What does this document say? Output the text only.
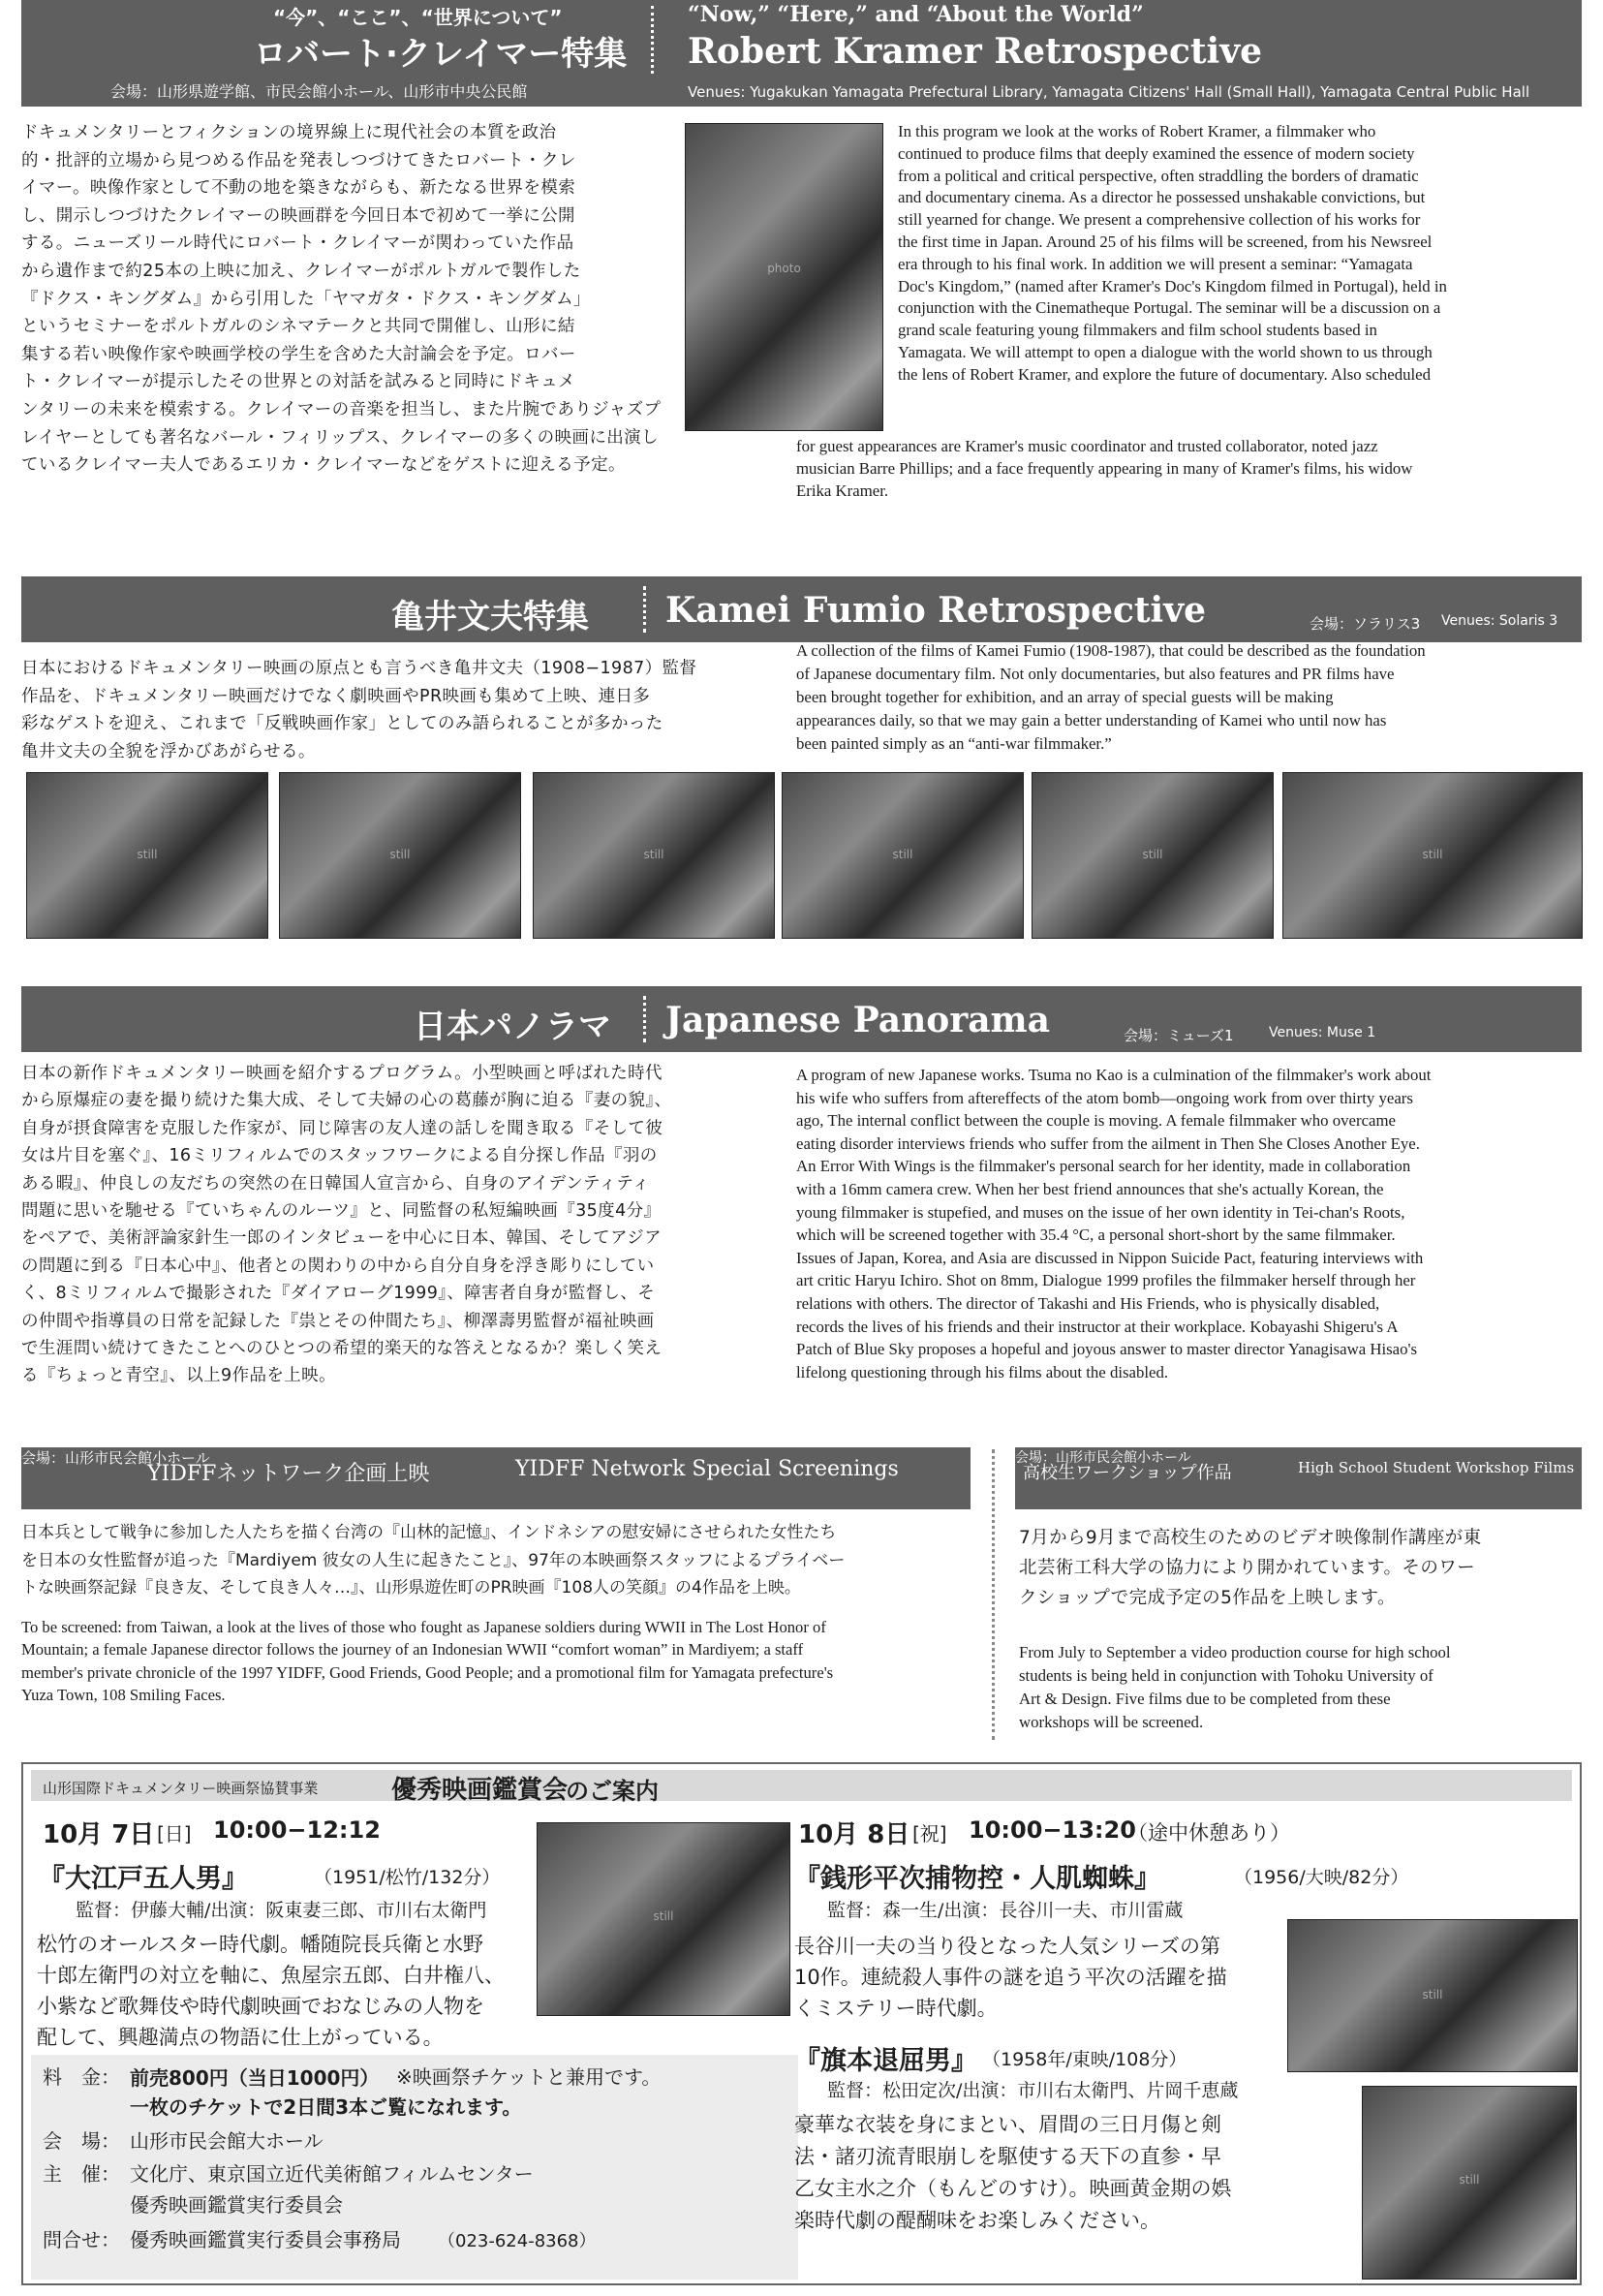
“今”、“ここ”、“世界について”
ロバート·クレイマー特集
“Now,” “Here,” and “About the World”
Robert Kramer Retrospective
会場：山形県遊学館、市民会館小ホール、山形市中央公民館	Venues: Yugakukan Yamagata Prefectural Library, Yamagata Citizens' Hall (Small Hall), Yamagata Central Public Hall
ドキュメンタリーとフィクションの境界線上に現代社会の本質を政治
的・批評的立場から見つめる作品を発表しつづけてきたロバート・クレ
イマー。映像作家として不動の地を築きながらも、新たなる世界を模索
し、開示しつづけたクレイマーの映画群を今回日本で初めて一挙に公開
する。ニューズリール時代にロバート・クレイマーが関わっていた作品
から遺作まで約25本の上映に加え、クレイマーがポルトガルで製作した
『ドクス・キングダム』から引用した「ヤマガタ・ドクス・キングダム」
というセミナーをポルトガルのシネマテークと共同で開催し、山形に結
集する若い映像作家や映画学校の学生を含めた大討論会を予定。ロバー
ト・クレイマーが提示したその世界との対話を試みると同時にドキュメ
ンタリーの未来を模索する。クレイマーの音楽を担当し、また片腕でありジャズプ
レイヤーとしても著名なバール・フィリップス、クレイマーの多くの映画に出演し
ているクレイマー夫人であるエリカ・クレイマーなどをゲストに迎える予定。
photo
In this program we look at the works of Robert Kramer, a filmmaker who
continued to produce films that deeply examined the essence of modern society
from a political and critical perspective, often straddling the borders of dramatic
and documentary cinema. As a director he possessed unshakable convictions, but
still yearned for change. We present a comprehensive collection of his works for
the first time in Japan. Around 25 of his films will be screened, from his Newsreel
era through to his final work. In addition we will present a seminar: “Yamagata
Doc's Kingdom,” (named after Kramer's Doc's Kingdom filmed in Portugal), held in
conjunction with the Cinematheque Portugal. The seminar will be a discussion on a
grand scale featuring young filmmakers and film school students based in
Yamagata. We will attempt to open a dialogue with the world shown to us through
the lens of Robert Kramer, and explore the future of documentary. Also scheduled
for guest appearances are Kramer's music coordinator and trusted collaborator, noted jazz
musician Barre Phillips; and a face frequently appearing in many of Kramer's films, his widow
Erika Kramer.
亀井文夫特集 Kamei Fumio Retrospective	会場：ソラリス3 Venues: Solaris 3
日本におけるドキュメンタリー映画の原点とも言うべき亀井文夫（1908−1987）監督
作品を、ドキュメンタリー映画だけでなく劇映画やPR映画も集めて上映、連日多
彩なゲストを迎え、これまで「反戦映画作家」としてのみ語られることが多かった
亀井文夫の全貌を浮かびあがらせる。
A collection of the films of Kamei Fumio (1908-1987), that could be described as the foundation
of Japanese documentary film. Not only documentaries, but also features and PR films have
been brought together for exhibition, and an array of special guests will be making
appearances daily, so that we may gain a better understanding of Kamei who until now has
been painted simply as an “anti-war filmmaker.”
still	still	still	still	still	still
日本パノラマ Japanese Panorama	会場：ミューズ1	Venues: Muse 1
日本の新作ドキュメンタリー映画を紹介するプログラム。小型映画と呼ばれた時代
から原爆症の妻を撮り続けた集大成、そして夫婦の心の葛藤が胸に迫る『妻の貌』、
自身が摂食障害を克服した作家が、同じ障害の友人達の話しを聞き取る『そして彼
女は片目を塞ぐ』、16ミリフィルムでのスタッフワークによる自分探し作品『羽の
ある暇』、仲良しの友だちの突然の在日韓国人宣言から、自身のアイデンティティ
問題に思いを馳せる『ていちゃんのルーツ』と、同監督の私短編映画『35度4分』
をペアで、美術評論家針生一郎のインタビューを中心に日本、韓国、そしてアジア
の問題に到る『日本心中』、他者との関わりの中から自分自身を浮き彫りにしてい
く、8ミリフィルムで撮影された『ダイアローグ1999』、障害者自身が監督し、そ
の仲間や指導員の日常を記録した『祟とその仲間たち』、柳澤壽男監督が福祉映画
で生涯問い続けてきたことへのひとつの希望的楽天的な答えとなるか？楽しく笑え
る『ちょっと青空』、以上9作品を上映。
A program of new Japanese works. Tsuma no Kao is a culmination of the filmmaker's work about
his wife who suffers from aftereffects of the atom bomb—ongoing work from over thirty years
ago, The internal conflict between the couple is moving. A female filmmaker who overcame
eating disorder interviews friends who suffer from the ailment in Then She Closes Another Eye.
An Error With Wings is the filmmaker's personal search for her identity, made in collaboration
with a 16mm camera crew. When her best friend announces that she's actually Korean, the
young filmmaker is stupefied, and muses on the issue of her own identity in Tei-chan's Roots,
which will be screened together with 35.4 °C, a personal short-short by the same filmmaker.
Issues of Japan, Korea, and Asia are discussed in Nippon Suicide Pact, featuring interviews with
art critic Haryu Ichiro. Shot on 8mm, Dialogue 1999 profiles the filmmaker herself through her
relations with others. The director of Takashi and His Friends, who is physically disabled,
records the lives of his friends and their instructor at their workplace. Kobayashi Shigeru's A
Patch of Blue Sky proposes a hopeful and joyous answer to master director Yanagisawa Hisao's
lifelong questioning through his films about the disabled.
YIDFFネットワーク企画上映
会場：山形市民会館小ホール	YIDFF Network Special Screenings
日本兵として戦争に参加した人たちを描く台湾の『山林的記憶』、インドネシアの慰安婦にさせられた女性たち
を日本の女性監督が追った『Mardiyem 彼女の人生に起きたこと』、97年の本映画祭スタッフによるプライベー
トな映画祭記録『良き友、そして良き人々…』、山形県遊佐町のPR映画『108人の笑顔』の4作品を上映。
To be screened: from Taiwan, a look at the lives of those who fought as Japanese soldiers during WWII in The Lost Honor of
Mountain; a female Japanese director follows the journey of an Indonesian WWII “comfort woman” in Mardiyem; a staff
member's private chronicle of the 1997 YIDFF, Good Friends, Good People; and a promotional film for Yamagata prefecture's
Yuza Town, 108 Smiling Faces.
高校生ワークショップ作品
会場：山形市民会館小ホール
High School Student Workshop Films
7月から9月まで高校生のためのビデオ映像制作講座が東
北芸術工科大学の協力により開かれています。そのワー
クショップで完成予定の5作品を上映します。
From July to September a video production course for high school
students is being held in conjunction with Tohoku University of
Art & Design. Five films due to be completed from these
workshops will be screened.
山形国際ドキュメンタリー映画祭協賛事業	優秀映画鑑賞会
のご案内
10月 7日 [日] 10:00−12:12
『大江戸五人男』	（1951/松竹/132分）
監督：伊藤大輔/出演：阪東妻三郎、市川右太衛門
松竹のオールスター時代劇。幡随院長兵衛と水野
十郎左衛門の対立を軸に、魚屋宗五郎、白井権八、
小紫など歌舞伎や時代劇映画でおなじみの人物を
配して、興趣満点の物語に仕上がっている。
still
料　金： 前売800円（当日1000円） ※映画祭チケットと兼用です。
一枚のチケットで2日間3本ご覧になれます。
会　場： 山形市民会館大ホール
主　催： 文化庁、東京国立近代美術館フィルムセンター
優秀映画鑑賞実行委員会
問合せ： 優秀映画鑑賞実行委員会事務局 （023-624-8368）
10月 8日 [祝] 10:00−13:20
（途中休憩あり）
『銭形平次捕物控・人肌蜘蛛』	（1956/大映/82分）
監督：森一生/出演：長谷川一夫、市川雷蔵
長谷川一夫の当り役となった人気シリーズの第
10作。連続殺人事件の謎を追う平次の活躍を描
くミステリー時代劇。
still
『旗本退屈男』 （1958年/東映/108分）
監督：松田定次/出演：市川右太衛門、片岡千恵蔵
豪華な衣装を身にまとい、眉間の三日月傷と剣
法・諸刃流青眼崩しを駆使する天下の直参・早
乙女主水之介（もんどのすけ）。映画黄金期の娯
楽時代劇の醍醐味をお楽しみください。
still
